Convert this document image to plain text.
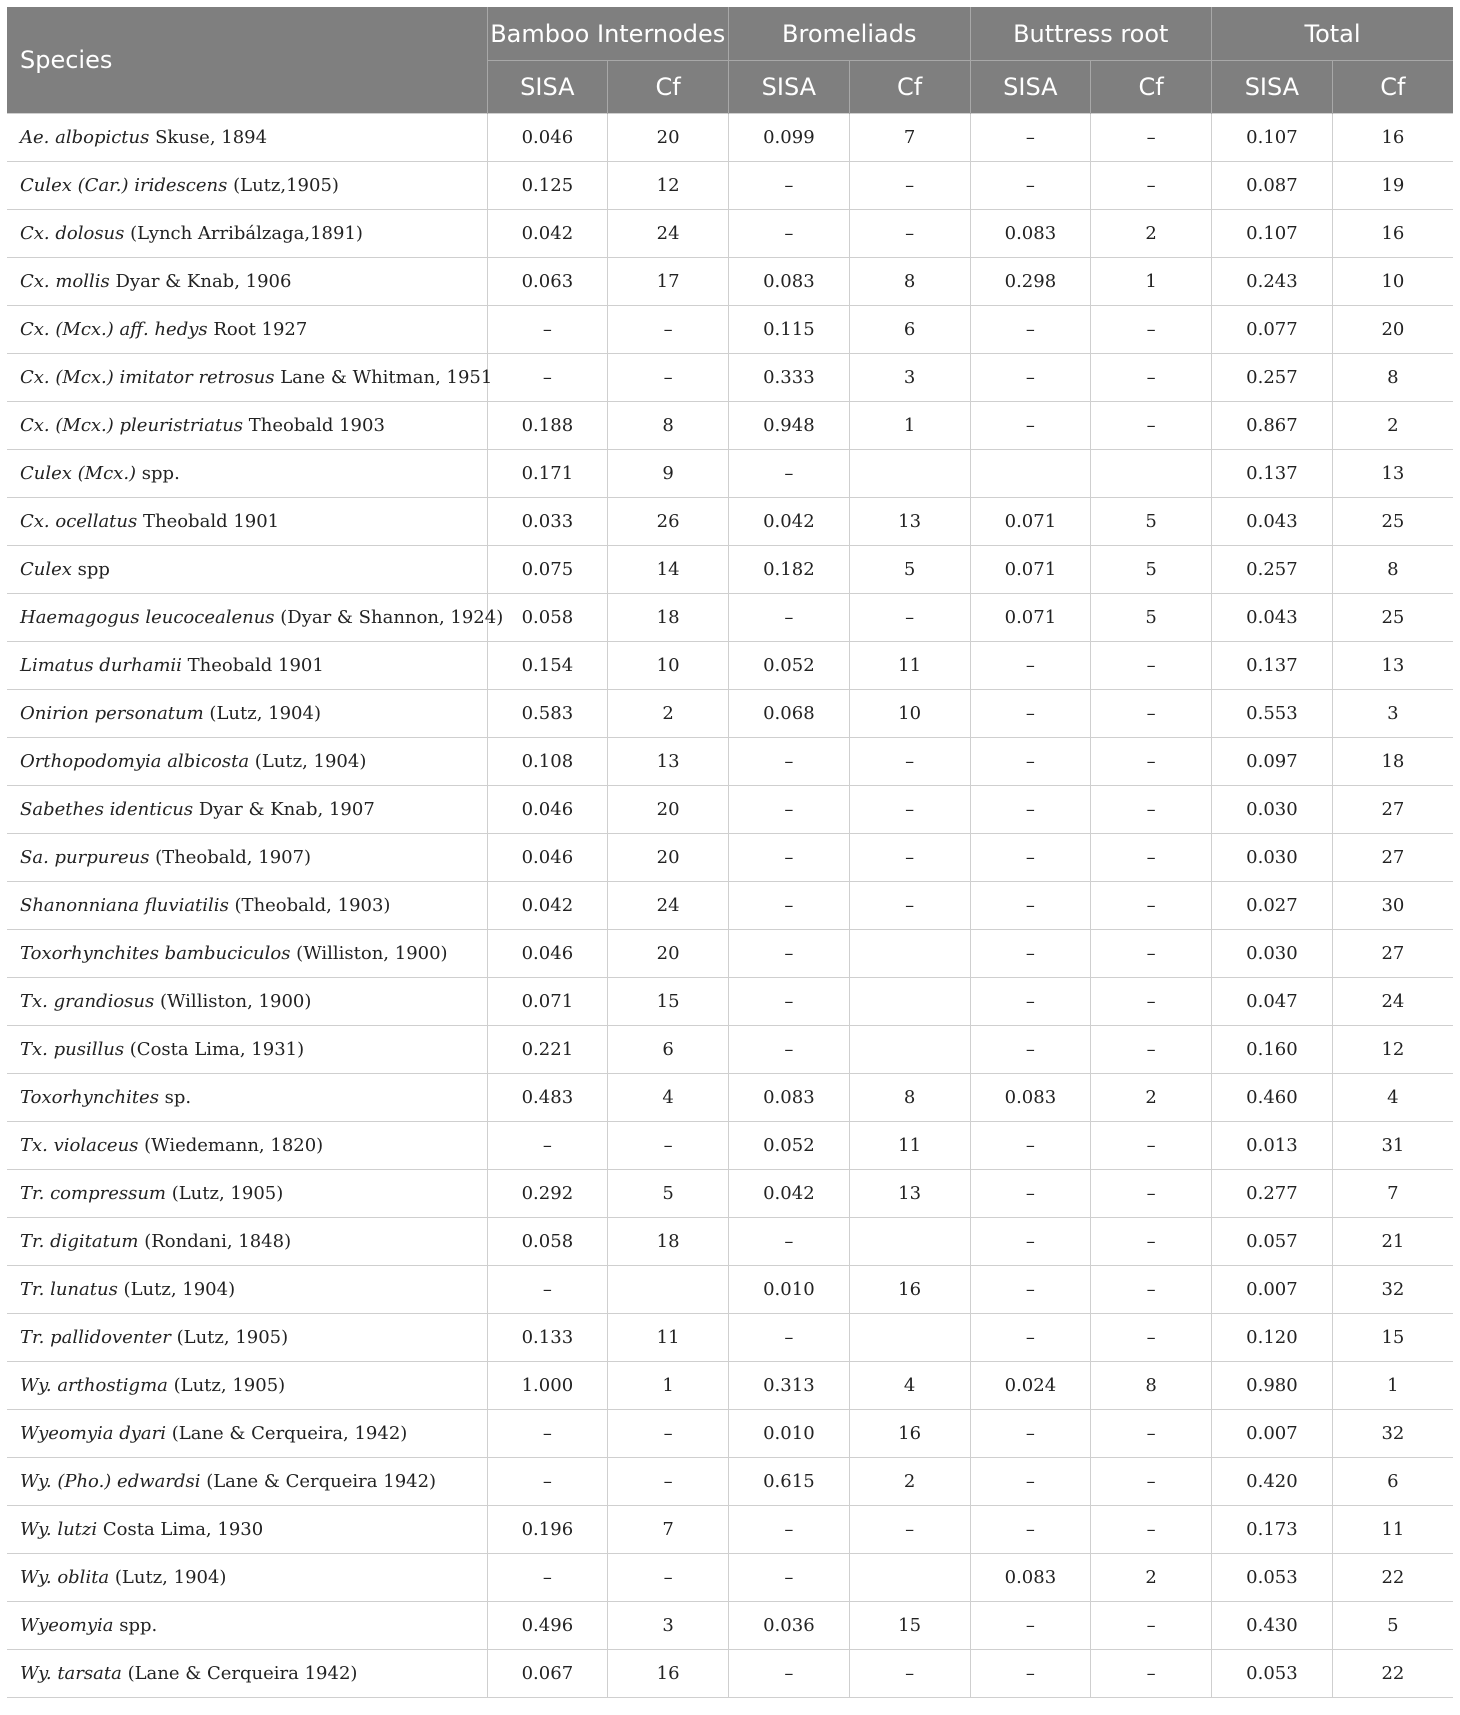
Species	Bamboo Internodes		Bromeliads		Buttress root		Total	
	SISA	Cf	SISA	Cf	SISA	Cf	SISA	Cf
Ae. albopictus Skuse, 1894	0.046	20	0.099	7	–	–	0.107	16
Culex (Car.) iridescens (Lutz,1905)	0.125	12	–	–	–	–	0.087	19
Cx. dolosus (Lynch Arribálzaga,1891)	0.042	24	–	–	0.083	2	0.107	16
Cx. mollis Dyar & Knab, 1906	0.063	17	0.083	8	0.298	1	0.243	10
Cx. (Mcx.) aff. hedys Root 1927	–	–	0.115	6	–	–	0.077	20
Cx. (Mcx.) imitator retrosus Lane & Whitman, 1951	–	–	0.333	3	–	–	0.257	8
Cx. (Mcx.) pleuristriatus Theobald 1903	0.188	8	0.948	1	–	–	0.867	2
Culex (Mcx.) spp.	0.171	9	–				0.137	13
Cx. ocellatus Theobald 1901	0.033	26	0.042	13	0.071	5	0.043	25
Culex spp	0.075	14	0.182	5	0.071	5	0.257	8
Haemagogus leucocealenus (Dyar & Shannon, 1924)	0.058	18	–	–	0.071	5	0.043	25
Limatus durhamii Theobald 1901	0.154	10	0.052	11	–	–	0.137	13
Onirion personatum (Lutz, 1904)	0.583	2	0.068	10	–	–	0.553	3
Orthopodomyia albicosta (Lutz, 1904)	0.108	13	–	–	–	–	0.097	18
Sabethes identicus Dyar & Knab, 1907	0.046	20	–	–	–	–	0.030	27
Sa. purpureus (Theobald, 1907)	0.046	20	–	–	–	–	0.030	27
Shanonniana fluviatilis (Theobald, 1903)	0.042	24	–	–	–	–	0.027	30
Toxorhynchites bambuciculos (Williston, 1900)	0.046	20	–		–	–	0.030	27
Tx. grandiosus (Williston, 1900)	0.071	15	–		–	–	0.047	24
Tx. pusillus (Costa Lima, 1931)	0.221	6	–		–	–	0.160	12
Toxorhynchites sp.	0.483	4	0.083	8	0.083	2	0.460	4
Tx. violaceus (Wiedemann, 1820)	–	–	0.052	11	–	–	0.013	31
Tr. compressum (Lutz, 1905)	0.292	5	0.042	13	–	–	0.277	7
Tr. digitatum (Rondani, 1848)	0.058	18	–		–	–	0.057	21
Tr. lunatus (Lutz, 1904)	–		0.010	16	–	–	0.007	32
Tr. pallidoventer (Lutz, 1905)	0.133	11	–		–	–	0.120	15
Wy. arthostigma (Lutz, 1905)	1.000	1	0.313	4	0.024	8	0.980	1
Wyeomyia dyari (Lane & Cerqueira, 1942)	–	–	0.010	16	–	–	0.007	32
Wy. (Pho.) edwardsi (Lane & Cerqueira 1942)	–	–	0.615	2	–	–	0.420	6
Wy. lutzi Costa Lima, 1930	0.196	7	–	–	–	–	0.173	11
Wy. oblita (Lutz, 1904)	–	–	–		0.083	2	0.053	22
Wyeomyia spp.	0.496	3	0.036	15	–	–	0.430	5
Wy. tarsata (Lane & Cerqueira 1942)	0.067	16	–	–	–	–	0.053	22
